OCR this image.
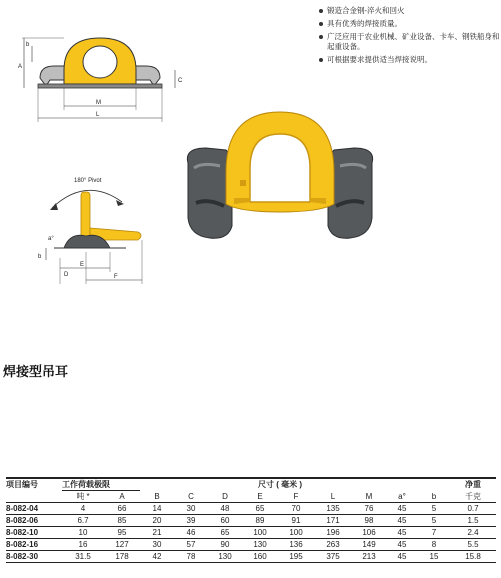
A
b
C
M
L
锻造合金钢-淬火和回火
具有优秀的焊接质量。
广泛应用于农业机械、矿业设备、卡车、钢铁船身和起重设备。
可根据要求提供适当焊接说明。
180° Pivot
E
F
b
a°
D
焊接型吊耳
项目编号	工作荷载极限				尺寸 ( 毫米 )							净重
	吨 *	A	B	C	D	E	F	L	M	a°	b	千克
8-082-04	4	66	14	30	48	65	70	135	76	45	5	0.7
8-082-06	6.7	85	20	39	60	89	91	171	98	45	5	1.5
8-082-10	10	95	21	46	65	100	100	196	106	45	7	2.4
8-082-16	16	127	30	57	90	130	136	263	149	45	8	5.5
8-082-30	31.5	178	42	78	130	160	195	375	213	45	15	15.8
